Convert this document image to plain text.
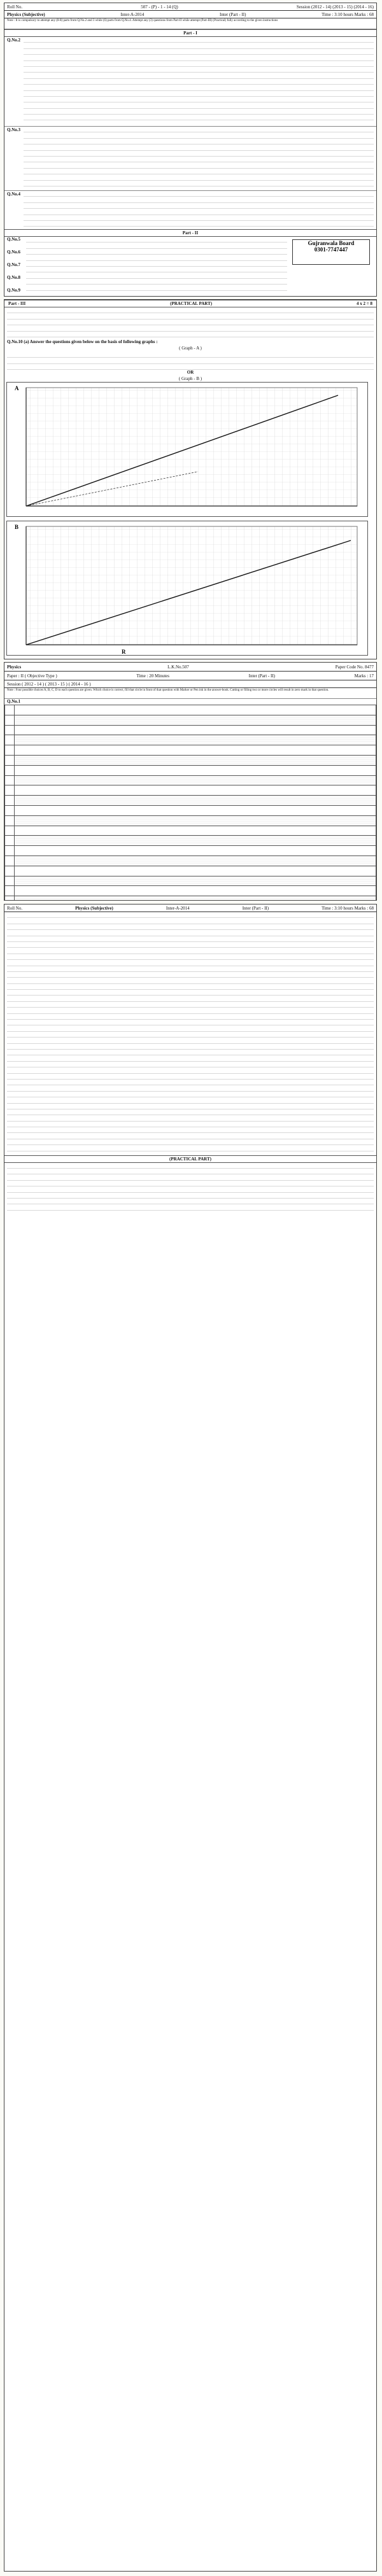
Roll No.	507 - (P) - 1 - 14 (Q)	Session (2012 - 14) (2013 - 15) (2014 - 16)
Physics (Subjective)	Inter-A-2014	Inter (Part - II)	Time : 3:10 hours Marks : 68
Note : It is compulsory to attempt any (8-8) parts from Q.No.2 and 3 while (6) parts from Q.No.4. Attempt any (3) questions from Part-II while attempt (Part-III) (Practical) fully according to the given instructions
Part - I
Q.No.2
Q.No.3
Q.No.4
Part - II
Q.No.5
Q.No.6
Q.No.7
Q.No.8
Q.No.9
Gujranwala Board
0301-7747447
Part - III	(PRACTICAL PART)	4 x 2 = 8
Q.No.10 (a) Answer the questions given below on the basis of following graphs :
( Graph - A )
OR
( Graph - B )
A
B
R
Physics	L.K.No.507	Paper Code No. 8477
Paper : II ( Objective Type )	Time : 20 Minutes	Inter (Part - II)	Marks : 17
Session ( 2012 - 14 ) ( 2013 - 15 ) ( 2014 - 16 )
Note : Four possible choices A, B, C, D to each question are given. Which choice is correct, fill that circle in front of that question with Marker or Pen ink in the answer-book. Cutting or filling two or more circles will result in zero mark in that question.
Q.No.1

Roll No.	Physics (Subjective)	Inter-A-2014	Inter (Part - II)	Time : 3:10 hours Marks : 68
(PRACTICAL PART)
